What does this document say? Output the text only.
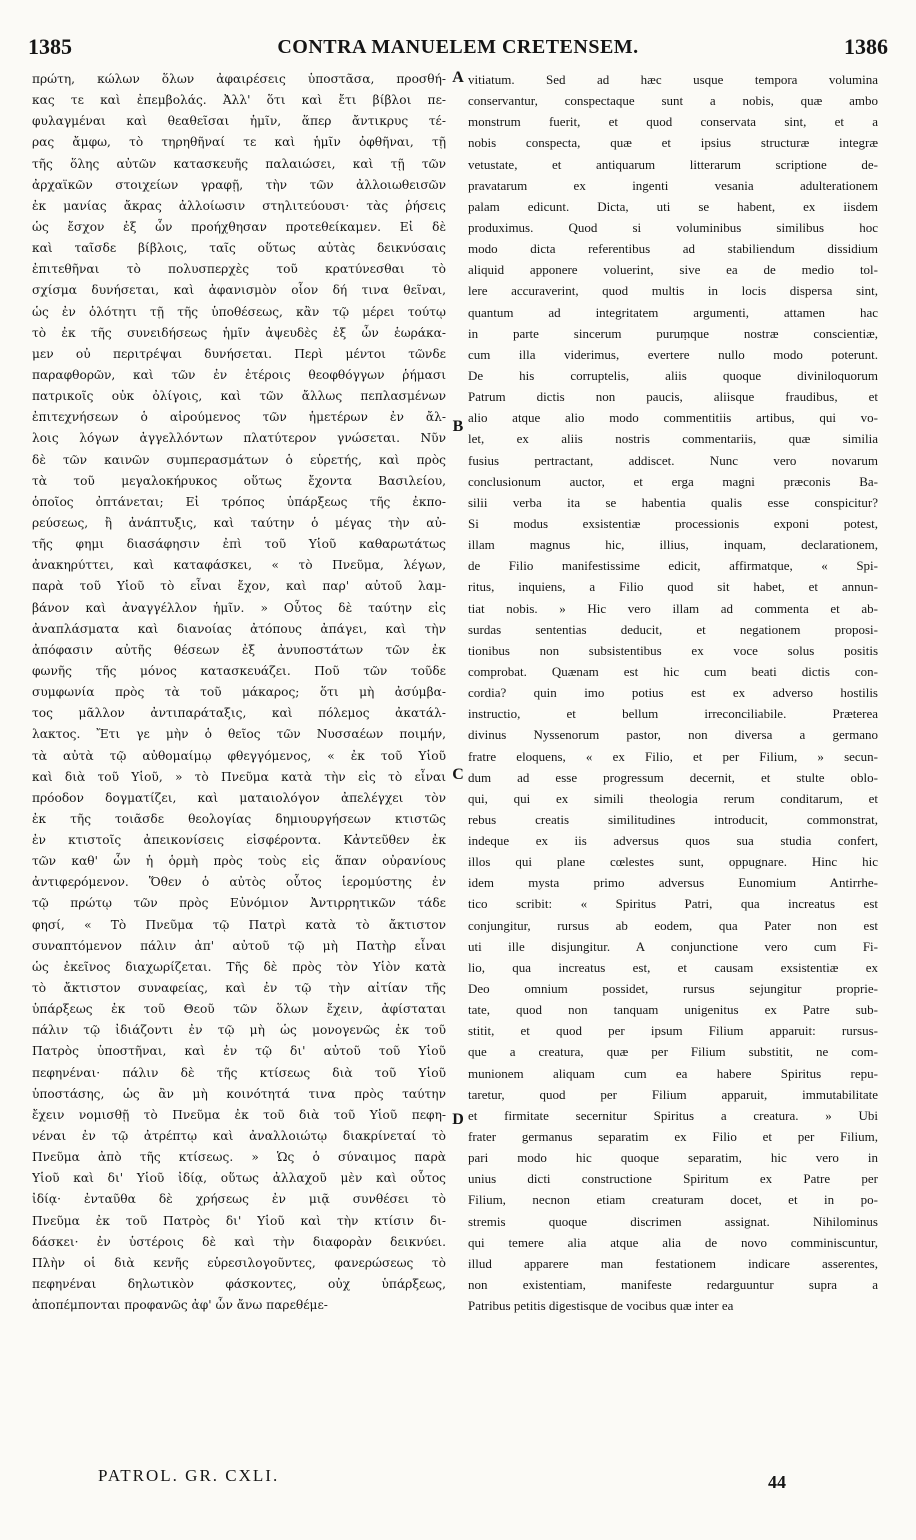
1385	CONTRA MANUELEM CRETENSEM.	1386
πρώτη, κώλων ὅλων ἀφαιρέσεις ὑποστᾶσα, προσθή-
κας τε καὶ ἐπεμβολάς. Ἀλλ' ὅτι καὶ ἔτι βίβλοι πε-
φυλαγμέναι καὶ θεαθεῖσαι ἡμῖν, ἅπερ ἄντικρυς τέ-
ρας ἄμφω, τὸ τηρηθῆναί τε καὶ ἡμῖν ὀφθῆναι, τῇ
τῆς ὅλης αὐτῶν κατασκευῆς παλαιώσει, καὶ τῇ τῶν
ἀρχαϊκῶν στοιχείων γραφῇ, τὴν τῶν ἀλλοιωθεισῶν
ἐκ μανίας ἄκρας ἀλλοίωσιν στηλιτεύουσι· τὰς ῥήσεις
ὡς ἔσχον ἐξ ὧν προήχθησαν προτεθείκαμεν. Εἰ δὲ
καὶ ταῖσδε βίβλοις, ταῖς οὕτως αὐτὰς δεικνύσαις
ἐπιτεθῆναι τὸ πολυσπερχὲς τοῦ κρατύνεσθαι τὸ
σχίσμα δυνήσεται, καὶ ἀφανισμὸν οἷον δή τινα θεῖναι,
ὡς ἐν ὁλότητι τῇ τῆς ὑποθέσεως, κἂν τῷ μέρει τούτῳ
τὸ ἐκ τῆς συνειδήσεως ἡμῖν ἀψευδὲς ἐξ ὧν ἑωράκα-
μεν οὐ περιτρέψαι δυνήσεται. Περὶ μέντοι τῶνδε
παραφθορῶν, καὶ τῶν ἐν ἑτέροις θεοφθόγγων ῥήμασι
πατρικοῖς οὐκ ὀλίγοις, καὶ τῶν ἄλλως πεπλασμένων
ἐπιτεχνήσεων ὁ αἱρούμενος τῶν ἡμετέρων ἐν ἄλ-
λοις λόγων ἀγγελλόντων πλατύτερον γνώσεται. Νῦν
δὲ τῶν καινῶν συμπερασμάτων ὁ εὑρετής, καὶ πρὸς
τὰ τοῦ μεγαλοκήρυκος οὕτως ἔχοντα Βασιλείου,
ὁποῖος ὀπτάνεται; Εἰ τρόπος ὑπάρξεως τῆς ἐκπο-
ρεύσεως, ἢ ἀνάπτυξις, καὶ ταύτην ὁ μέγας τὴν αὐ-
τῆς φημι διασάφησιν ἐπὶ τοῦ Υἱοῦ καθαρωτάτως
ἀνακηρύττει, καὶ καταφάσκει, « τὸ Πνεῦμα, λέγων,
παρὰ τοῦ Υἱοῦ τὸ εἶναι ἔχον, καὶ παρ' αὐτοῦ λαμ-
βάνον καὶ ἀναγγέλλον ἡμῖν. » Οὗτος δὲ ταύτην εἰς
ἀναπλάσματα καὶ διανοίας ἀτόπους ἀπάγει, καὶ τὴν
ἀπόφασιν αὐτῆς θέσεων ἐξ ἀνυποστάτων τῶν ἐκ
φωνῆς τῆς μόνος κατασκευάζει. Ποῦ τῶν τοῦδε
συμφωνία πρὸς τὰ τοῦ μάκαρος; ὅτι μὴ ἀσύμβα-
τος μᾶλλον ἀντιπαράταξις, καὶ πόλεμος ἀκατάλ-
λακτος. Ἔτι γε μὴν ὁ θεῖος τῶν Νυσσαέων ποιμήν,
τὰ αὐτὰ τῷ αὐθομαίμῳ φθεγγόμενος, « ἐκ τοῦ Υἱοῦ
καὶ διὰ τοῦ Υἱοῦ, » τὸ Πνεῦμα κατὰ τὴν εἰς τὸ εἶναι
πρόοδον δογματίζει, καὶ ματαιολόγον ἀπελέγχει τὸν
ἐκ τῆς τοιᾶσδε θεολογίας δημιουργήσεων κτιστῶς
ἐν κτιστοῖς ἀπεικονίσεις εἰσφέροντα. Κἀντεῦθεν ἐκ
τῶν καθ' ὧν ἡ ὁρμὴ πρὸς τοὺς εἰς ἅπαν οὐρανίους
ἀντιφερόμενον. Ὅθεν ὁ αὐτὸς οὗτος ἱερομύστης ἐν
τῷ πρώτῳ τῶν πρὸς Εὐνόμιον Ἀντιρρητικῶν τάδε
φησί, « Τὸ Πνεῦμα τῷ Πατρὶ κατὰ τὸ ἄκτιστον
συναπτόμενον πάλιν ἀπ' αὐτοῦ τῷ μὴ Πατὴρ εἶναι
ὡς ἐκεῖνος διαχωρίζεται. Τῆς δὲ πρὸς τὸν Υἱὸν κατὰ
τὸ ἄκτιστον συναφείας, καὶ ἐν τῷ τὴν αἰτίαν τῆς
ὑπάρξεως ἐκ τοῦ Θεοῦ τῶν ὅλων ἔχειν, ἀφίσταται
πάλιν τῷ ἰδιάζοντι ἐν τῷ μὴ ὡς μονογενῶς ἐκ τοῦ
Πατρὸς ὑποστῆναι, καὶ ἐν τῷ δι' αὐτοῦ τοῦ Υἱοῦ
πεφηνέναι· πάλιν δὲ τῆς κτίσεως διὰ τοῦ Υἱοῦ
ὑποστάσης, ὡς ἂν μὴ κοινότητά τινα πρὸς ταύτην
ἔχειν νομισθῇ τὸ Πνεῦμα ἐκ τοῦ διὰ τοῦ Υἱοῦ πεφη-
νέναι ἐν τῷ ἀτρέπτῳ καὶ ἀναλλοιώτῳ διακρίνεταί τὸ
Πνεῦμα ἀπὸ τῆς κτίσεως. » Ὡς ὁ σύναιμος παρὰ
Υἱοῦ καὶ δι' Υἱοῦ ἰδίᾳ, οὕτως ἀλλαχοῦ μὲν καὶ οὗτος
ἰδίᾳ· ἐνταῦθα δὲ χρήσεως ἐν μιᾷ συνθέσει τὸ
Πνεῦμα ἐκ τοῦ Πατρὸς δι' Υἱοῦ καὶ τὴν κτίσιν δι-
δάσκει· ἐν ὑστέροις δὲ καὶ τὴν διαφορὰν δεικνύει.
Πλὴν οἱ διὰ κενῆς εὑρεσιλογοῦντες, φανερώσεως τὸ
πεφηνέναι δηλωτικὸν φάσκοντες, οὐχ ὑπάρξεως,
ἀποπέμπονται προφανῶς ἀφ' ὧν ἄνω παρεθέμε-
A
B
C
D
vitiatum. Sed ad hæc usque tempora volumina
conservantur, conspectaque sunt a nobis, quæ ambo
monstrum fuerit, et quod conservata sint, et a
nobis conspecta, quæ et ipsius structuræ integræ
vetustate, et antiquarum litterarum scriptione de-
pravatarum ex ingenti vesania adulterationem
palam edicunt. Dicta, uti se habent, ex iisdem
produximus. Quod si voluminibus similibus hoc
modo dicta referentibus ad stabiliendum dissidium
aliquid apponere voluerint, sive ea de medio tol-
lere accuraverint, quod multis in locis dispersa sint,
quantum ad integritatem argumenti, attamen hac
in parte sincerum puruṃque nostræ conscientiæ,
cum illa viderimus, evertere nullo modo poterunt.
De his corruptelis, aliis quoque diviniloquorum
Patrum dictis non paucis, aliisque fraudibus, et
alio atque alio modo commentitiis artibus, qui vo-
let, ex aliis nostris commentariis, quæ similia
fusius pertractant, addiscet. Nunc vero novarum
conclusionum auctor, et erga magni præconis Ba-
silii verba ita se habentia qualis esse conspicitur?
Si modus exsistentiæ processionis exponi potest,
illam magnus hic, illius, inquam, declarationem,
de Filio manifestissime edicit, affirmatque, « Spi-
ritus, inquiens, a Filio quod sit habet, et annun-
tiat nobis. » Hic vero illam ad commenta et ab-
surdas sententias deducit, et negationem proposi-
tionibus non subsistentibus ex voce solus positis
comprobat. Quænam est hic cum beati dictis con-
cordia? quin imo potius est ex adverso hostilis
instructio, et bellum irreconciliabile. Præterea
divinus Nyssenorum pastor, non diversa a germano
fratre eloquens, « ex Filio, et per Filium, » secun-
dum ad esse progressum decernit, et stulte oblo-
qui, qui ex simili theologia rerum conditarum, et
rebus creatis similitudines introducit, commonstrat,
indeque ex iis adversus quos sua studia confert,
illos qui plane cœlestes sunt, oppugnare. Hinc hic
idem mysta primo adversus Eunomium Antirrhe-
tico scribit: « Spiritus Patri, qua increatus est
conjungitur, rursus ab eodem, qua Pater non est
uti ille disjungitur. A conjunctione vero cum Fi-
lio, qua increatus est, et causam exsistentiæ ex
Deo omnium possidet, rursus sejungitur proprie-
tate, quod non tanquam unigenitus ex Patre sub-
stitit, et quod per ipsum Filium apparuit: rursus-
que a creatura, quæ per Filium substitit, ne com-
munionem aliquam cum ea habere Spiritus repu-
taretur, quod per Filium apparuit, immutabilitate
et firmitate secernitur Spiritus a creatura. » Ubi
frater germanus separatim ex Filio et per Filium,
pari modo hic quoque separatim, hic vero in
unius dicti constructione Spiritum ex Patre per
Filium, necnon etiam creaturam docet, et in po-
stremis quoque discrimen assignat. Nihilominus
qui temere alia atque alia de novo comminiscuntur,
illud apparere man festationem indicare asserentes,
non existentiam, manifeste redarguuntur supra a
Patribus petitis digestisque de vocibus quæ inter ea
PATROL. GR. CXLI.	44
